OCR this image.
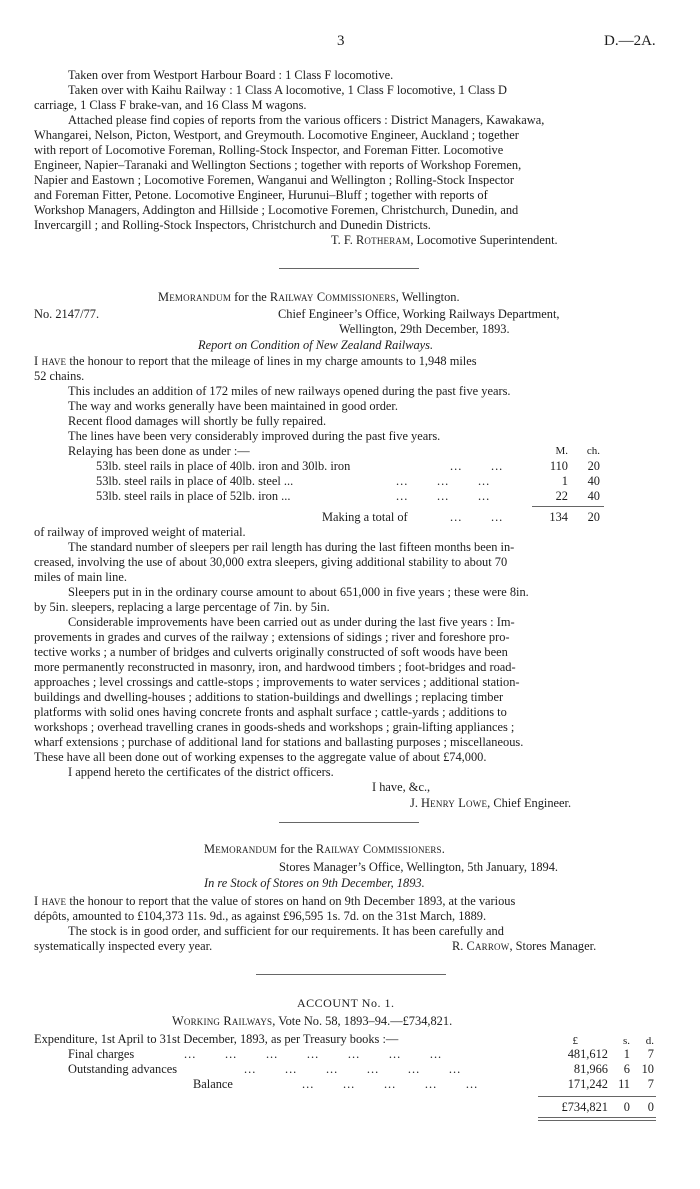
3	D.—2A.
Taken over from Westport Harbour Board : 1 Class F locomotive.
Taken over with Kaihu Railway : 1 Class A locomotive, 1 Class F locomotive, 1 Class D
carriage, 1 Class F brake-van, and 16 Class M wagons.
Attached please find copies of reports from the various officers : District Managers, Kawakawa,
Whangarei, Nelson, Picton, Westport, and Greymouth. Locomotive Engineer, Auckland ; together
with report of Locomotive Foreman, Rolling-Stock Inspector, and Foreman Fitter. Locomotive
Engineer, Napier–Taranaki and Wellington Sections ; together with reports of Workshop Foremen,
Napier and Eastown ; Locomotive Foremen, Wanganui and Wellington ; Rolling-Stock Inspector
and Foreman Fitter, Petone. Locomotive Engineer, Hurunui–Bluff ; together with reports of
Workshop Managers, Addington and Hillside ; Locomotive Foremen, Christchurch, Dunedin, and
Invercargill ; and Rolling-Stock Inspectors, Christchurch and Dunedin Districts.
T. F. Rotheram, Locomotive Superintendent.
Memorandum for the Railway Commissioners, Wellington.
No. 2147/77.	Chief Engineer’s Office, Working Railways Department,
Wellington, 29th December, 1893.
Report on Condition of New Zealand Railways.
I have the honour to report that the mileage of lines in my charge amounts to 1,948 miles
52 chains.
This includes an addition of 172 miles of new railways opened during the past five years.
The way and works generally have been maintained in good order.
Recent flood damages will shortly be fully repaired.
The lines have been very considerably improved during the past five years.
Relaying has been done as under :—	M.	ch.
53lb. steel rails in place of 40lb. iron and 30lb. iron	...       ...	110	20
53lb. steel rails in place of 40lb. steel ...	...       ...       ...	1	40
53lb. steel rails in place of 52lb. iron ...	...       ...       ...	22	40
Making a total of	...       ...	134	20
of railway of improved weight of material.
The standard number of sleepers per rail length has during the last fifteen months been in-
creased, involving the use of about 30,000 extra sleepers, giving additional stability to about 70
miles of main line.
Sleepers put in in the ordinary course amount to about 651,000 in five years ; these were 8in.
by 5in. sleepers, replacing a large percentage of 7in. by 5in.
Considerable improvements have been carried out as under during the last five years : Im-
provements in grades and curves of the railway ; extensions of sidings ; river and foreshore pro-
tective works ; a number of bridges and culverts originally constructed of soft woods have been
more permanently reconstructed in masonry, iron, and hardwood timbers ; foot-bridges and road-
approaches ; level crossings and cattle-stops ; improvements to water services ; additional station-
buildings and dwelling-houses ; additions to station-buildings and dwellings ; replacing timber
platforms with solid ones having concrete fronts and asphalt surface ; cattle-yards ; additions to
workshops ; overhead travelling cranes in goods-sheds and workshops ; grain-lifting appliances ;
wharf extensions ; purchase of additional land for stations and ballasting purposes ; miscellaneous.
These have all been done out of working expenses to the aggregate value of about £74,000.
I append hereto the certificates of the district officers.
I have, &c.,
J. Henry Lowe, Chief Engineer.
Memorandum for the Railway Commissioners.
Stores Manager’s Office, Wellington, 5th January, 1894.
In re Stock of Stores on 9th December, 1893.
I have the honour to report that the value of stores on hand on 9th December 1893, at the various
dépôts, amounted to £104,373 11s. 9d., as against £96,595 1s. 7d. on the 31st March, 1889.
The stock is in good order, and sufficient for our requirements. It has been carefully and
systematically inspected every year.	R. Carrow, Stores Manager.
ACCOUNT No. 1.
Working Railways, Vote No. 58, 1893–94.—£734,821.
Expenditure, 1st April to 31st December, 1893, as per Treasury books :—	£	s.	d.
Final charges	...       ...       ...       ...       ...       ...       ...	481,612	1	7
Outstanding advances	...       ...       ...       ...       ...       ...	81,966	6 10
Balance	...       ...       ...       ...       ...	171,242 11	7
£734,821	0	0
